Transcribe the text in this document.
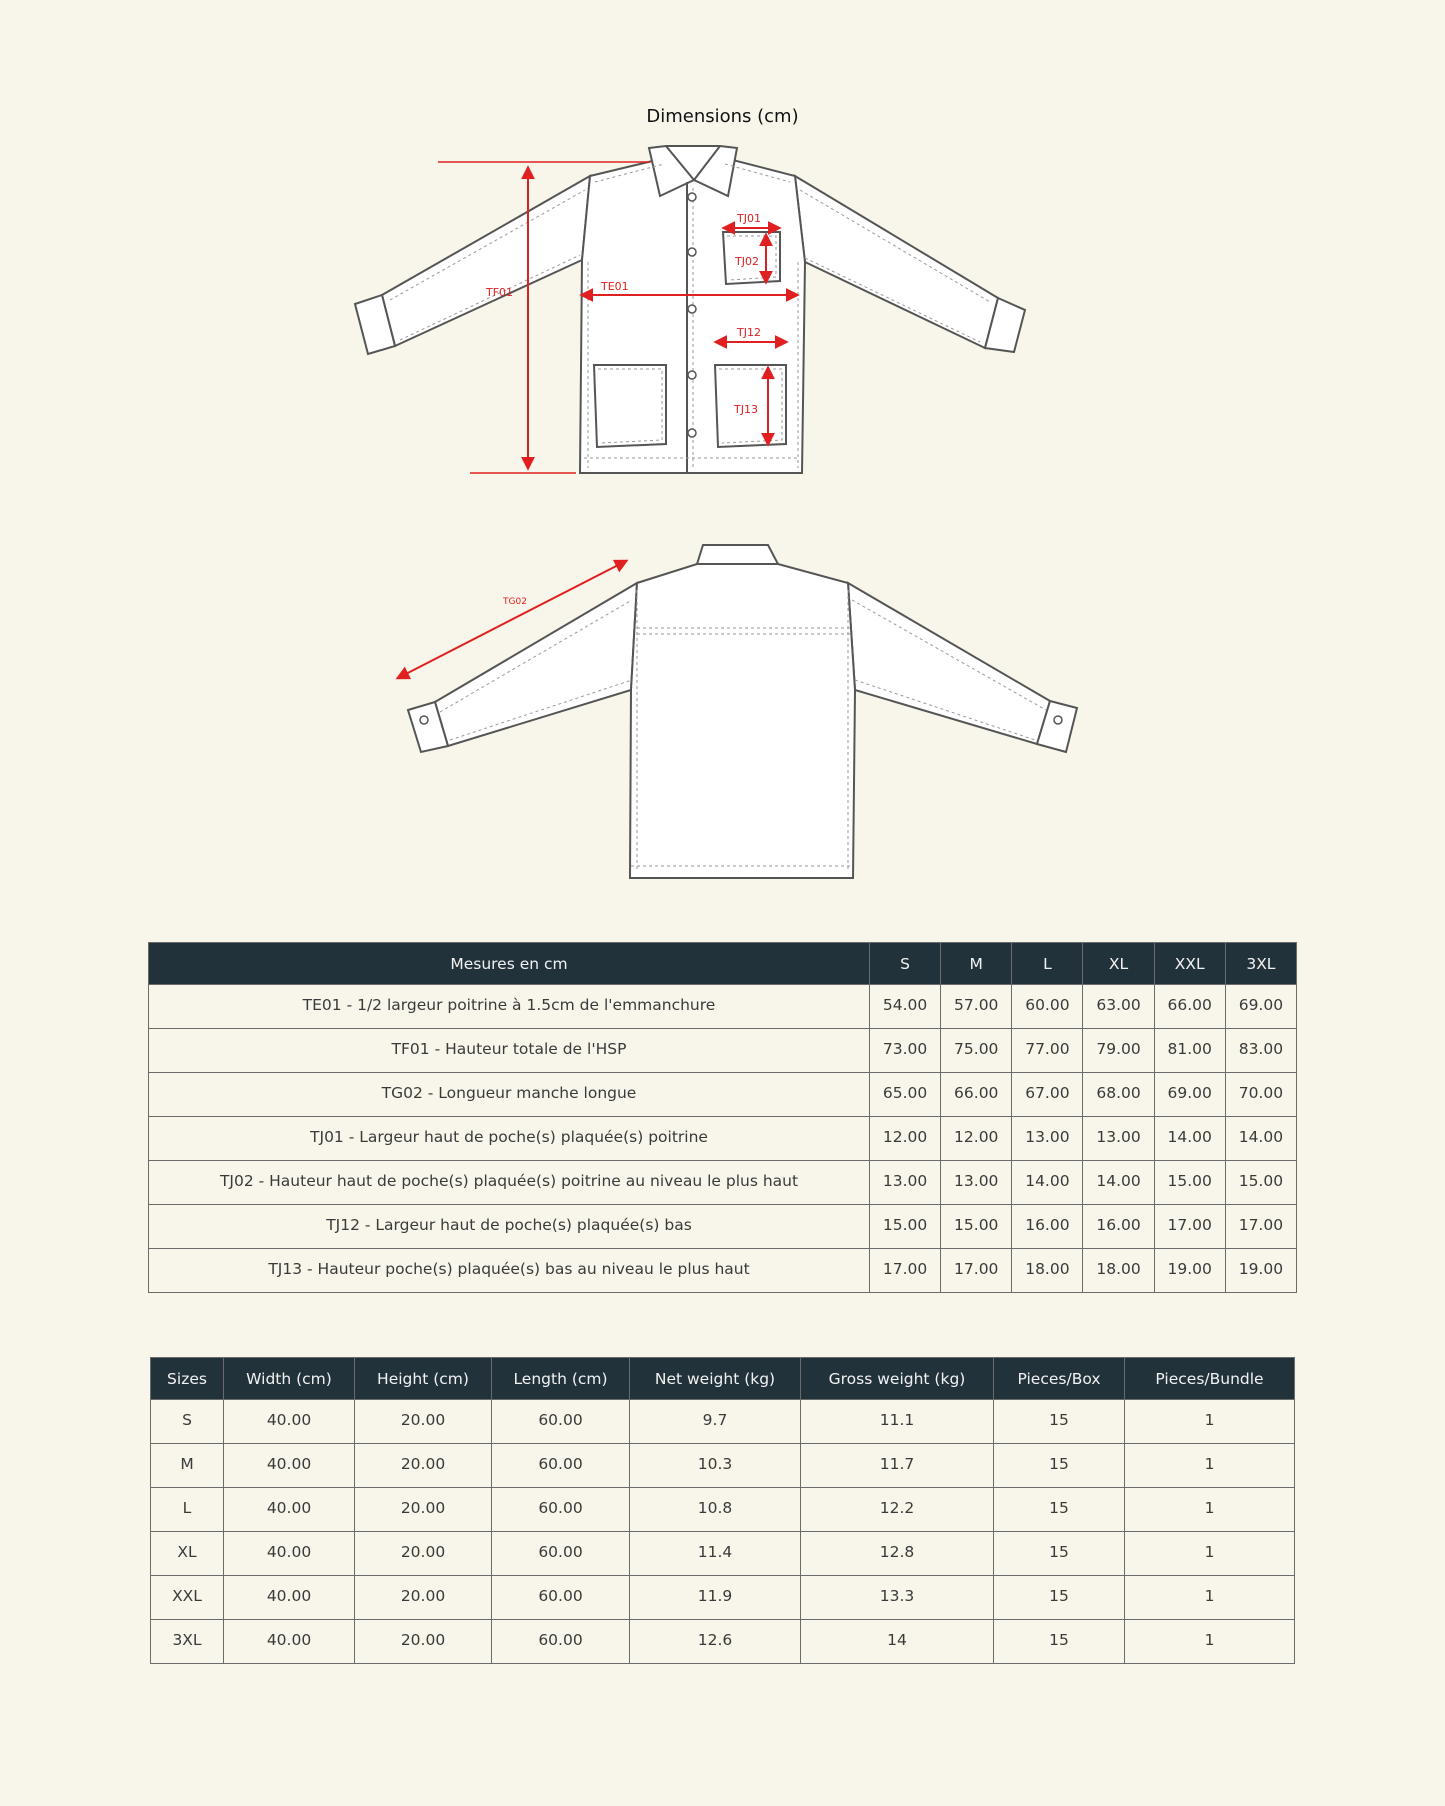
Dimensions (cm)
TF01	TE01
TJ01
TJ02
TJ12
TJ13
TG02
Mesures en cm	S	M	L	XL	XXL	3XL
TE01 - 1/2 largeur poitrine à 1.5cm de l'emmanchure	54.00	57.00	60.00	63.00	66.00	69.00
TF01 - Hauteur totale de l'HSP	73.00	75.00	77.00	79.00	81.00	83.00
TG02 - Longueur manche longue	65.00	66.00	67.00	68.00	69.00	70.00
TJ01 - Largeur haut de poche(s) plaquée(s) poitrine	12.00	12.00	13.00	13.00	14.00	14.00
TJ02 - Hauteur haut de poche(s) plaquée(s) poitrine au niveau le plus haut	13.00	13.00	14.00	14.00	15.00	15.00
TJ12 - Largeur haut de poche(s) plaquée(s) bas	15.00	15.00	16.00	16.00	17.00	17.00
TJ13 - Hauteur poche(s) plaquée(s) bas au niveau le plus haut	17.00	17.00	18.00	18.00	19.00	19.00
Sizes	Width (cm)	Height (cm)	Length (cm)	Net weight (kg)	Gross weight (kg)	Pieces/Box	Pieces/Bundle
S	40.00	20.00	60.00	9.7	11.1	15	1
M	40.00	20.00	60.00	10.3	11.7	15	1
L	40.00	20.00	60.00	10.8	12.2	15	1
XL	40.00	20.00	60.00	11.4	12.8	15	1
XXL	40.00	20.00	60.00	11.9	13.3	15	1
3XL	40.00	20.00	60.00	12.6	14	15	1
